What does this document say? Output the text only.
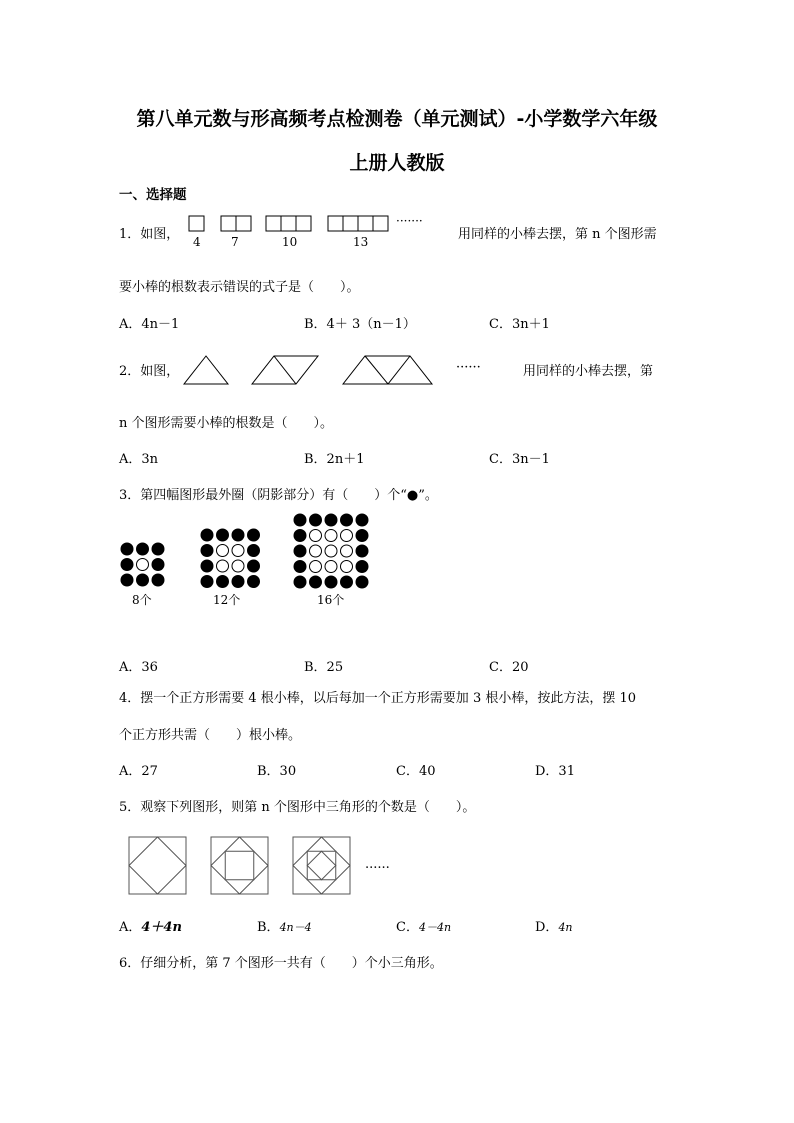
第八单元数与形高频考点检测卷（单元测试）-小学数学六年级
上册人教版
一、选择题
1．如图， 4	7	10	13
·······
用同样的小棒去摆，第 n 个图形需
要小棒的根数表示错误的式子是（　　）。
A．4n－1	B．4＋ 3（n－1）	C．3n＋1
2．如图，	······	用同样的小棒去摆，第
n 个图形需要小棒的根数是（　　）。
A．3n	B．2n＋1	C．3n－1
3．第四幅图形最外圈（阴影部分）有（　　）个“●”。
8个	12个	16个
A．36	B．25	C．20
4．摆一个正方形需要 4 根小棒，以后每加一个正方形需要加 3 根小棒，按此方法，摆 10
个正方形共需（　　）根小棒。
A．27	B．30	C．40	D．31
5．观察下列图形，则第 n 个图形中三角形的个数是（　　）。
......
A．4＋4n	B．4n－4	C．4－4n	D．4n
6．仔细分析，第 7 个图形一共有（　　）个小三角形。
